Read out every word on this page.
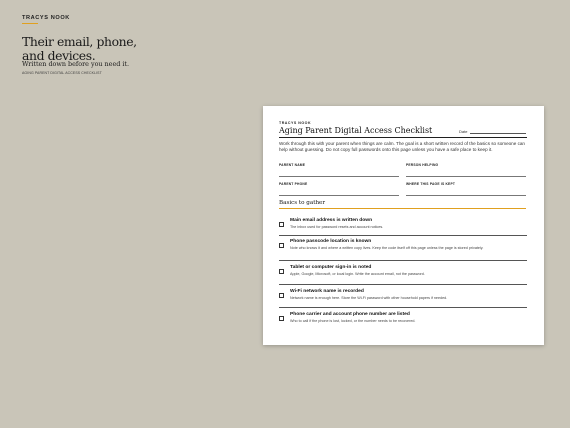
TRACYS NOOK
Their email, phone,
and devices.
Written down before you need it.
AGING PARENT DIGITAL ACCESS CHECKLIST
TRACYS NOOK
Aging Parent Digital Access Checklist	Date
Work through this with your parent when things are calm. The goal is a short written record of the basics so someone can help without guessing. Do not copy full passwords onto this page unless you have a safe place to keep it.
PARENT NAME	PERSON HELPING
PARENT PHONE	WHERE THIS PAGE IS KEPT
Basics to gather
Main email address is written down
The inbox used for password resets and account notices.
Phone passcode location is known
Note who knows it and where a written copy lives. Keep the code itself off this page unless the page is stored privately.
Tablet or computer sign-in is noted
Apple, Google, Microsoft, or local login. Write the account email, not the password.
Wi-Fi network name is recorded
Network name is enough here. Store the Wi-Fi password with other household papers if needed.
Phone carrier and account phone number are listed
Who to call if the phone is lost, locked, or the number needs to be recovered.
